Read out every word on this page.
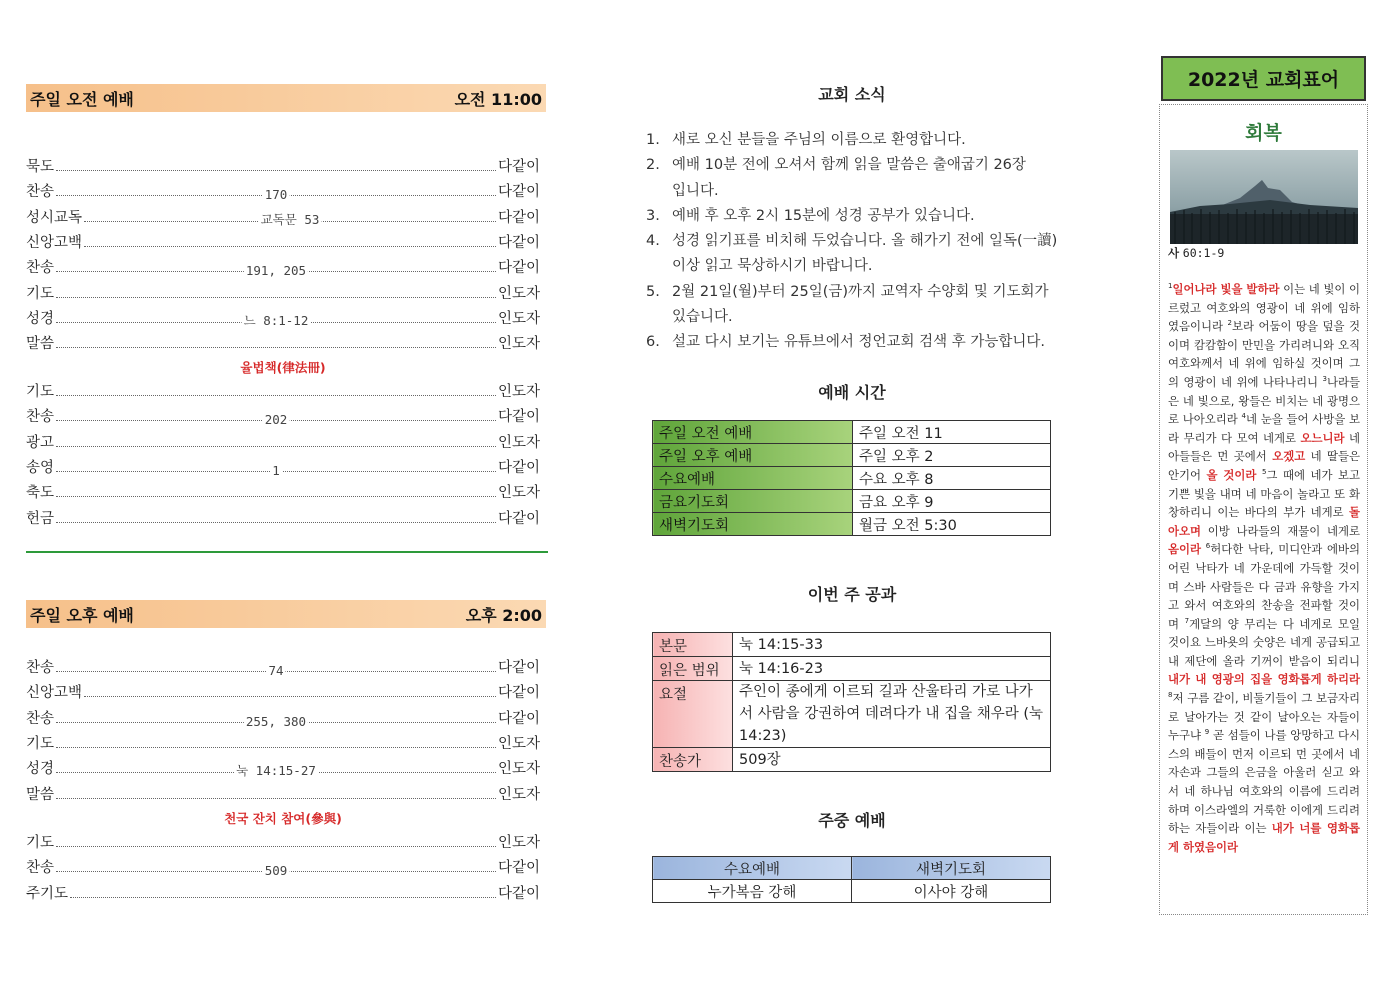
주일 오전 예배	오전 11:00
묵도	다같이
찬송	170	다같이
성시교독	교독문 53	다같이
신앙고백	다같이
찬송	191, 205	다같이
기도	인도자
성경	느 8:1-12	인도자
말씀	인도자
율법책(律法冊)
기도	인도자
찬송	202	다같이
광고	인도자
송영	1	다같이
축도	인도자
헌금	다같이
주일 오후 예배	오후 2:00
찬송	74	다같이
신앙고백	다같이
찬송	255, 380	다같이
기도	인도자
성경	눅 14:15-27	인도자
말씀	인도자
천국 잔치 참여(參與)
기도	인도자
찬송	509	다같이
주기도	다같이
교회 소식
1. 새로 오신 분들을 주님의 이름으로 환영합니다.
2. 예배 10분 전에 오셔서 함께 읽을 말씀은 출애굽기 26장
입니다.
3. 예배 후 오후 2시 15분에 성경 공부가 있습니다.
4. 성경 읽기표를 비치해 두었습니다. 올 해가기 전에 일독(一讀)
이상 읽고 묵상하시기 바랍니다.
5. 2월 21일(월)부터 25일(금)까지 교역자 수양회 및 기도회가
있습니다.
6. 설교 다시 보기는 유튜브에서 정언교회 검색 후 가능합니다.
예배 시간
주일 오전 예배	주일 오전 11
주일 오후 예배	주일 오후 2
수요예배	수요 오후 8
금요기도회	금요 오후 9
새벽기도회	월금 오전 5:30
이번 주 공과
본문	눅 14:15-33
읽은 범위	눅 14:16-23
요절	주인이 종에게 이르되 길과 산울타리 가로 나가 서 사람을 강권하여 데려다가 내 집을 채우라 (눅 14:23)
찬송가	509장
주중 예배
수요예배	새벽기도회
누가복음 강해	이사야 강해
2022년 교회표어
회복
사 60:1-9
$^1$일어나라 빛을 발하라 이는 네 빛이 이르렀고 여호와의 영광이 네 위에 임하였음이니라 $^2$보라 어둠이 땅을 덮을 것이며 캄캄함이 만민을 가리려니와 오직 여호와께서 네 위에 임하실 것이며 그의 영광이 네 위에 나타나리니 $^3$나라들은 네 빛으로, 왕들은 비치는 네 광명으로 나아오리라 $^4$네 눈을 들어 사방을 보라 무리가 다 모여 네게로 오느니라 네 아들들은 먼 곳에서 오겠고 네 딸들은 안기어 올 것이라 $^5$그 때에 네가 보고 기쁜 빛을 내며 네 마음이 놀라고 또 화창하리니 이는 바다의 부가 네게로 돌아오며 이방 나라들의 재물이 네게로 옴이라 $^6$허다한 낙타, 미디안과 에바의 어린 낙타가 네 가운데에 가득할 것이며 스바 사람들은 다 금과 유향을 가지고 와서 여호와의 찬송을 전파할 것이며 $^7$게달의 양 무리는 다 네게로 모일 것이요 느바욧의 숫양은 네게 공급되고 내 제단에 올라 기꺼이 받음이 되리니 내가 내 영광의 집을 영화롭게 하리라 $^8$저 구름 같이, 비둘기들이 그 보금자리로 날아가는 것 같이 날아오는 자들이 누구냐 $^9$ 곧 섬들이 나를 앙망하고 다시스의 배들이 먼저 이르되 먼 곳에서 네 자손과 그들의 은금을 아울러 싣고 와서 네 하나님 여호와의 이름에 드리려 하며 이스라엘의 거룩한 이에게 드리려 하는 자들이라 이는 내가 너를 영화롭게 하였음이라
